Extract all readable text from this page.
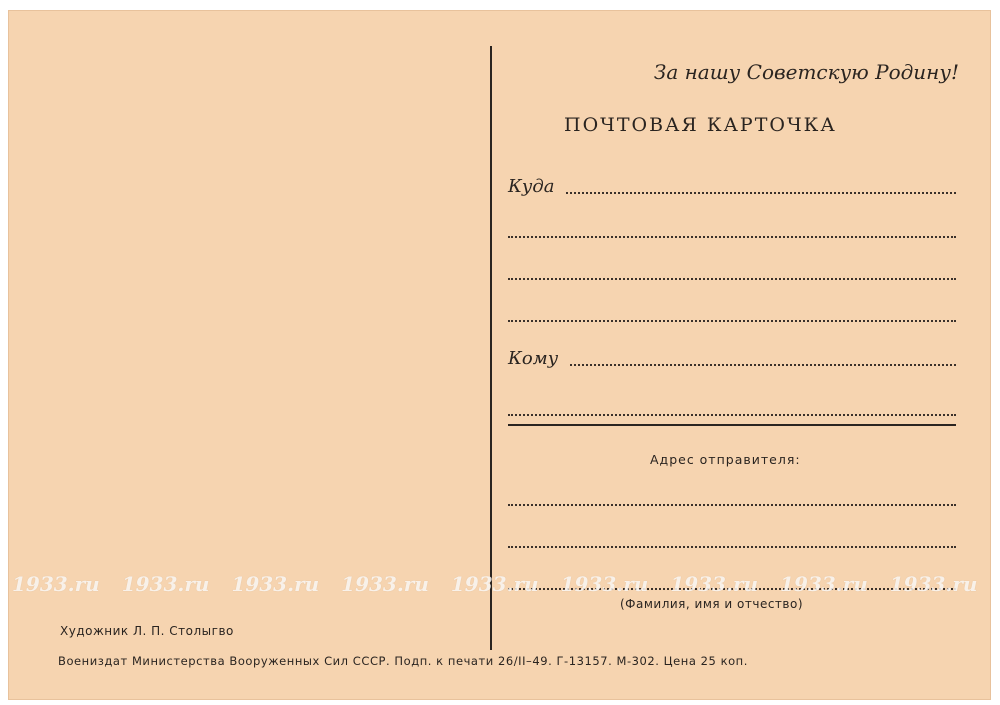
За нашу Советскую Родину!
ПОЧТОВАЯ КАРТОЧКА
Куда
Кому
Адрес отправителя:
(Фамилия, имя и отчество)
Художник Л. П. Столыгво
Воениздат Министерства Вооруженных Сил СССР. Подп. к печати 26/II–49. Г-13157. М-302. Цена 25 коп.
1933.ru 1933.ru 1933.ru 1933.ru 1933.ru 1933.ru 1933.ru 1933.ru 1933.ru
